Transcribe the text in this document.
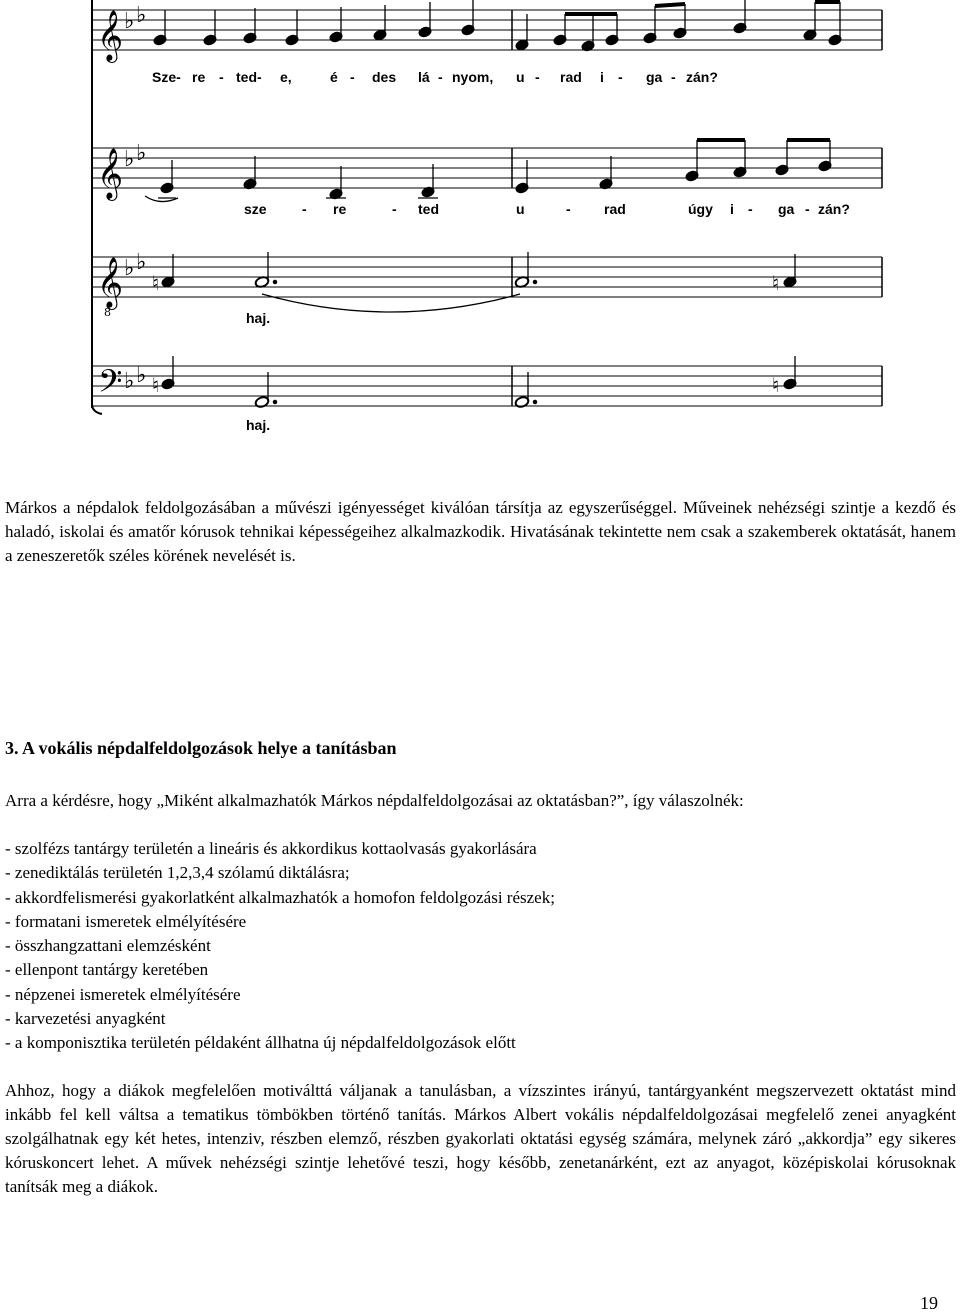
𝄞 ♭ ♭
Sze- re - ted- e,	é - des lá - nyom, u - rad i - ga - zán?
𝄞 ♭ ♭
sze	- re	- ted	u	- rad	úgy i - ga - zán?
𝄞
8
♭ ♭
♮	♮
haj.
𝄢 ♭ ♭ ♮	♮
haj.

Márkos a népdalok feldolgozásában a művészi igényességet kiválóan társítja az egyszerűséggel. Műveinek nehézségi szintje a kezdő és haladó, iskolai és amatőr kórusok tehnikai képességeihez alkalmazkodik. Hivatásának tekintette nem csak a szakemberek oktatását, hanem a zeneszeretők széles körének nevelését is.

3. A vokális népdalfeldolgozások helye a tanításban

Arra a kérdésre, hogy „Miként alkalmazhatók Márkos népdalfeldolgozásai az oktatásban?”, így válaszolnék:

- szolfézs tantárgy területén a lineáris és akkordikus kottaolvasás gyakorlására
- zenediktálás területén 1,2,3,4 szólamú diktálásra;
- akkordfelismerési gyakorlatként alkalmazhatók a homofon feldolgozási részek;
- formatani ismeretek elmélyítésére
- összhangzattani elemzésként
- ellenpont tantárgy keretében
- népzenei ismeretek elmélyítésére
- karvezetési anyagként
- a komponisztika területén példaként állhatna új népdalfeldolgozások előtt

Ahhoz, hogy a diákok megfelelően motiválttá váljanak a tanulásban, a vízszintes irányú, tantárgyanként megszervezett oktatást mind inkább fel kell váltsa a tematikus tömbökben történő tanítás. Márkos Albert vokális népdalfeldolgozásai megfelelő zenei anyagként szolgálhatnak egy két hetes, intenziv, részben elemző, részben gyakorlati oktatási egység számára, melynek záró „akkordja” egy sikeres kóruskoncert lehet. A művek nehézségi szintje lehetővé teszi, hogy később, zenetanárként, ezt az anyagot, középiskolai kórusoknak tanítsák meg a diákok.

19
